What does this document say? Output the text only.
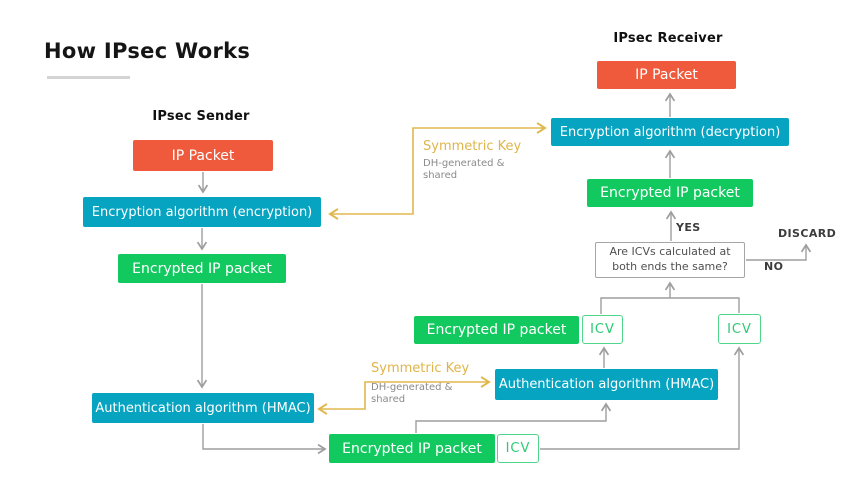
How IPsec Works
IPsec Sender
IPsec Receiver
IP Packet
Encryption algorithm (encryption)
Encrypted IP packet
Authentication algorithm (HMAC)
Encrypted IP packet	ICV
Authentication algorithm (HMAC)
Encrypted IP packet	ICV	ICV
Are ICVs calculated at
both ends the same?
YES
NO
DISCARD
Encrypted IP packet
Encryption algorithm (decryption)
IP Packet
Symmetric Key
DH-generated &
shared
Symmetric Key
DH-generated &
shared
